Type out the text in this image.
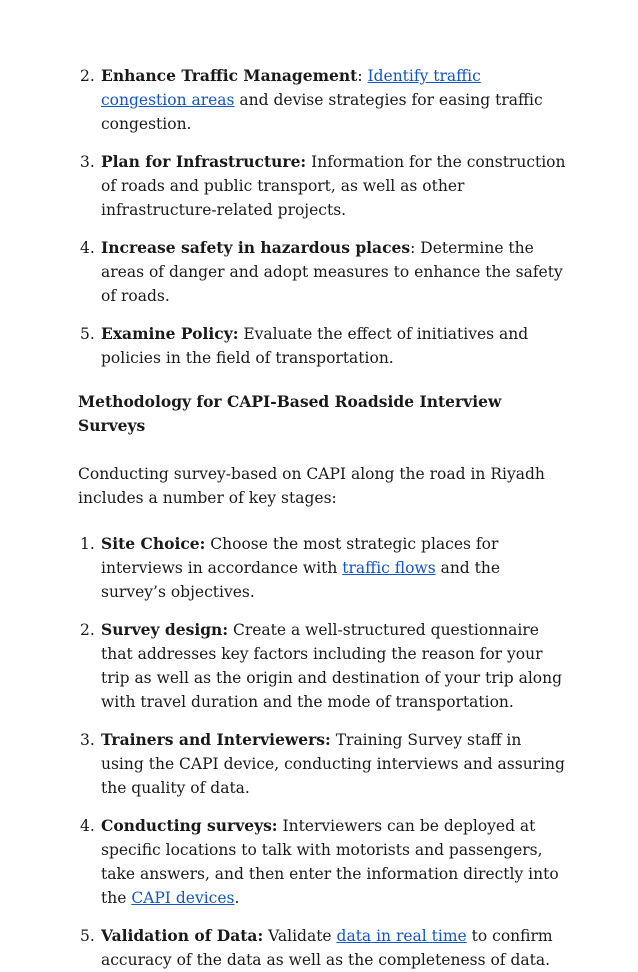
2. Enhance Traffic Management: Identify traffic congestion areas and devise strategies for easing traffic congestion.
3. Plan for Infrastructure: Information for the construction of roads and public transport, as well as other infrastructure-related projects.
4. Increase safety in hazardous places: Determine the areas of danger and adopt measures to enhance the safety of roads.
5. Examine Policy: Evaluate the effect of initiatives and policies in the field of transportation.
Methodology for CAPI-Based Roadside Interview Surveys

Conducting survey-based on CAPI along the road in Riyadh includes a number of key stages:

1. Site Choice: Choose the most strategic places for interviews in accordance with traffic flows and the survey’s objectives.
2. Survey design: Create a well-structured questionnaire that addresses key factors including the reason for your trip as well as the origin and destination of your trip along with travel duration and the mode of transportation.
3. Trainers and Interviewers: Training Survey staff in using the CAPI device, conducting interviews and assuring the quality of data.
4. Conducting surveys: Interviewers can be deployed at specific locations to talk with motorists and passengers, take answers, and then enter the information directly into the CAPI devices.
5. Validation of Data: Validate data in real time to confirm accuracy of the data as well as the completeness of data.
